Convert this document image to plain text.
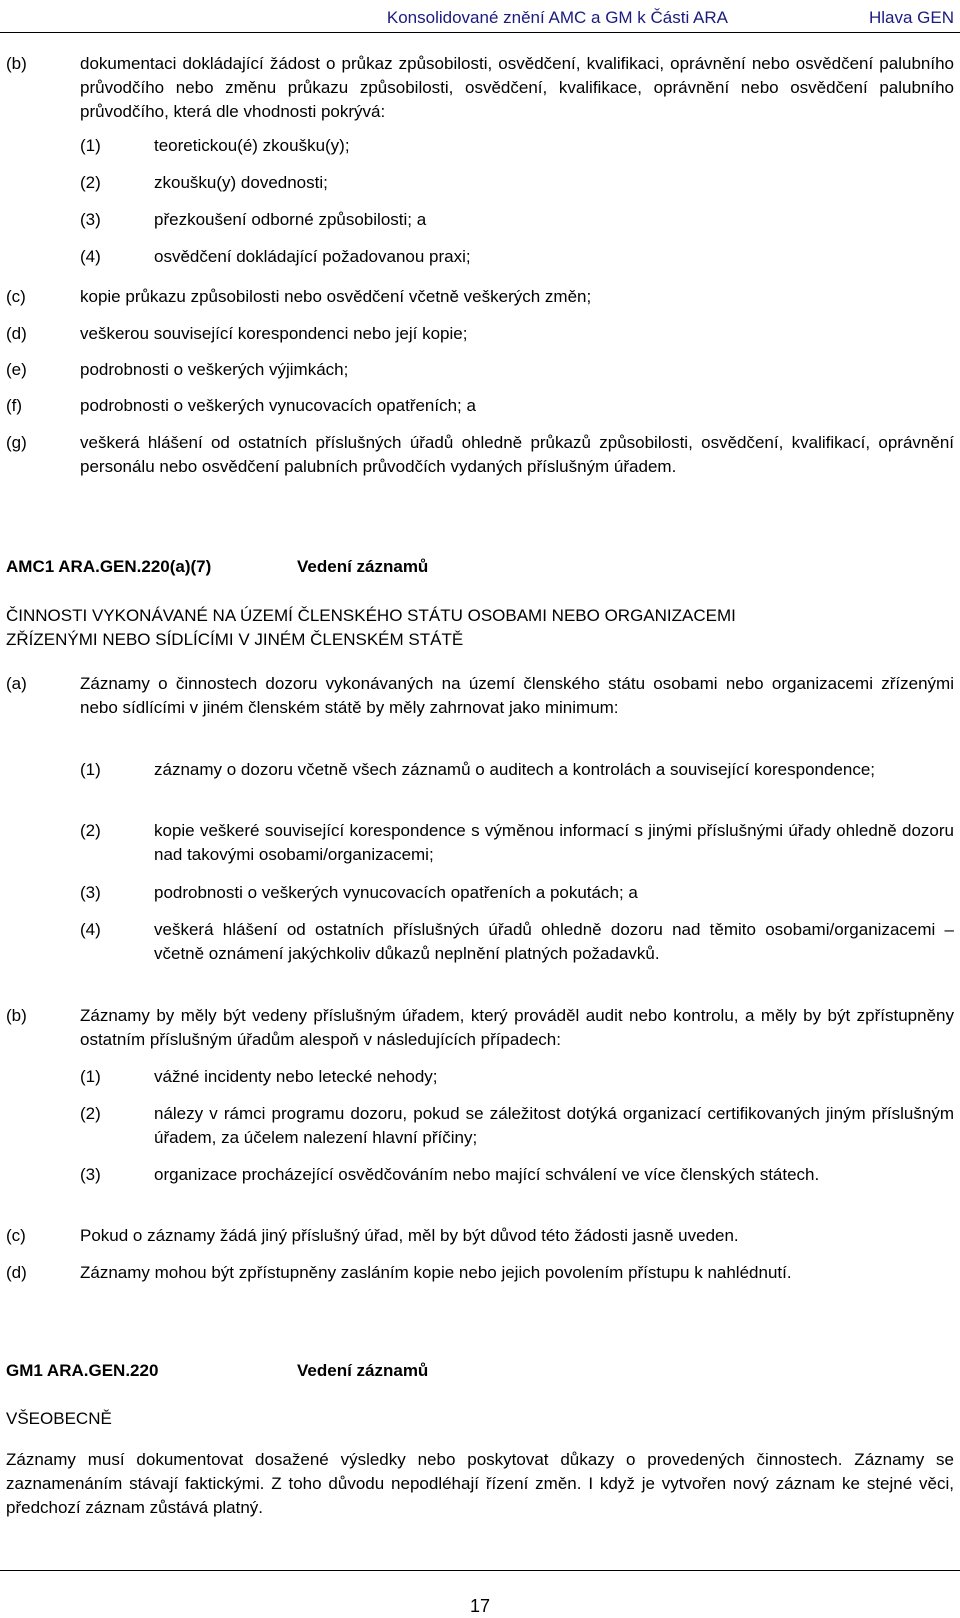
Konsolidované znění AMC a GM k Části ARA	Hlava GEN
(b)	dokumentaci dokládající žádost o průkaz způsobilosti, osvědčení, kvalifikaci, oprávnění nebo osvědčení palubního průvodčího nebo změnu průkazu způsobilosti, osvědčení, kvalifikace, oprávnění nebo osvědčení palubního průvodčího, která dle vhodnosti pokrývá:
(1)	teoretickou(é) zkoušku(y);
(2)	zkoušku(y) dovednosti;
(3)	přezkoušení odborné způsobilosti; a
(4)	osvědčení dokládající požadovanou praxi;
(c)	kopie průkazu způsobilosti nebo osvědčení včetně veškerých změn;
(d)	veškerou související korespondenci nebo její kopie;
(e)	podrobnosti o veškerých výjimkách;
(f)	podrobnosti o veškerých vynucovacích opatřeních; a
(g)	veškerá hlášení od ostatních příslušných úřadů ohledně průkazů způsobilosti, osvědčení, kvalifikací, oprávnění personálu nebo osvědčení palubních průvodčích vydaných příslušným úřadem.
AMC1 ARA.GEN.220(a)(7)	Vedení záznamů
ČINNOSTI VYKONÁVANÉ NA ÚZEMÍ ČLENSKÉHO STÁTU OSOBAMI NEBO ORGANIZACEMI
ZŘÍZENÝMI NEBO SÍDLÍCÍMI V JINÉM ČLENSKÉM STÁTĚ
(a)	Záznamy o činnostech dozoru vykonávaných na území členského státu osobami nebo organizacemi zřízenými nebo sídlícími v jiném členském státě by měly zahrnovat jako minimum:
(1)	záznamy o dozoru včetně všech záznamů o auditech a kontrolách a související korespondence;
(2)	kopie veškeré související korespondence s výměnou informací s jinými příslušnými úřady ohledně dozoru nad takovými osobami/organizacemi;
(3)	podrobnosti o veškerých vynucovacích opatřeních a pokutách; a
(4)	veškerá hlášení od ostatních příslušných úřadů ohledně dozoru nad těmito osobami/organizacemi – včetně oznámení jakýchkoliv důkazů neplnění platných požadavků.
(b)	Záznamy by měly být vedeny příslušným úřadem, který prováděl audit nebo kontrolu, a měly by být zpřístupněny ostatním příslušným úřadům alespoň v následujících případech:
(1)	vážné incidenty nebo letecké nehody;
(2)	nálezy v rámci programu dozoru, pokud se záležitost dotýká organizací certifikovaných jiným příslušným úřadem, za účelem nalezení hlavní příčiny;
(3)	organizace procházející osvědčováním nebo mající schválení ve více členských státech.
(c)	Pokud o záznamy žádá jiný příslušný úřad, měl by být důvod této žádosti jasně uveden.
(d)	Záznamy mohou být zpřístupněny zasláním kopie nebo jejich povolením přístupu k nahlédnutí.
GM1 ARA.GEN.220	Vedení záznamů
VŠEOBECNĚ
Záznamy musí dokumentovat dosažené výsledky nebo poskytovat důkazy o provedených činnostech. Záznamy se zaznamenáním stávají faktickými. Z toho důvodu nepodléhají řízení změn. I když je vytvořen nový záznam ke stejné věci, předchozí záznam zůstává platný.
17
